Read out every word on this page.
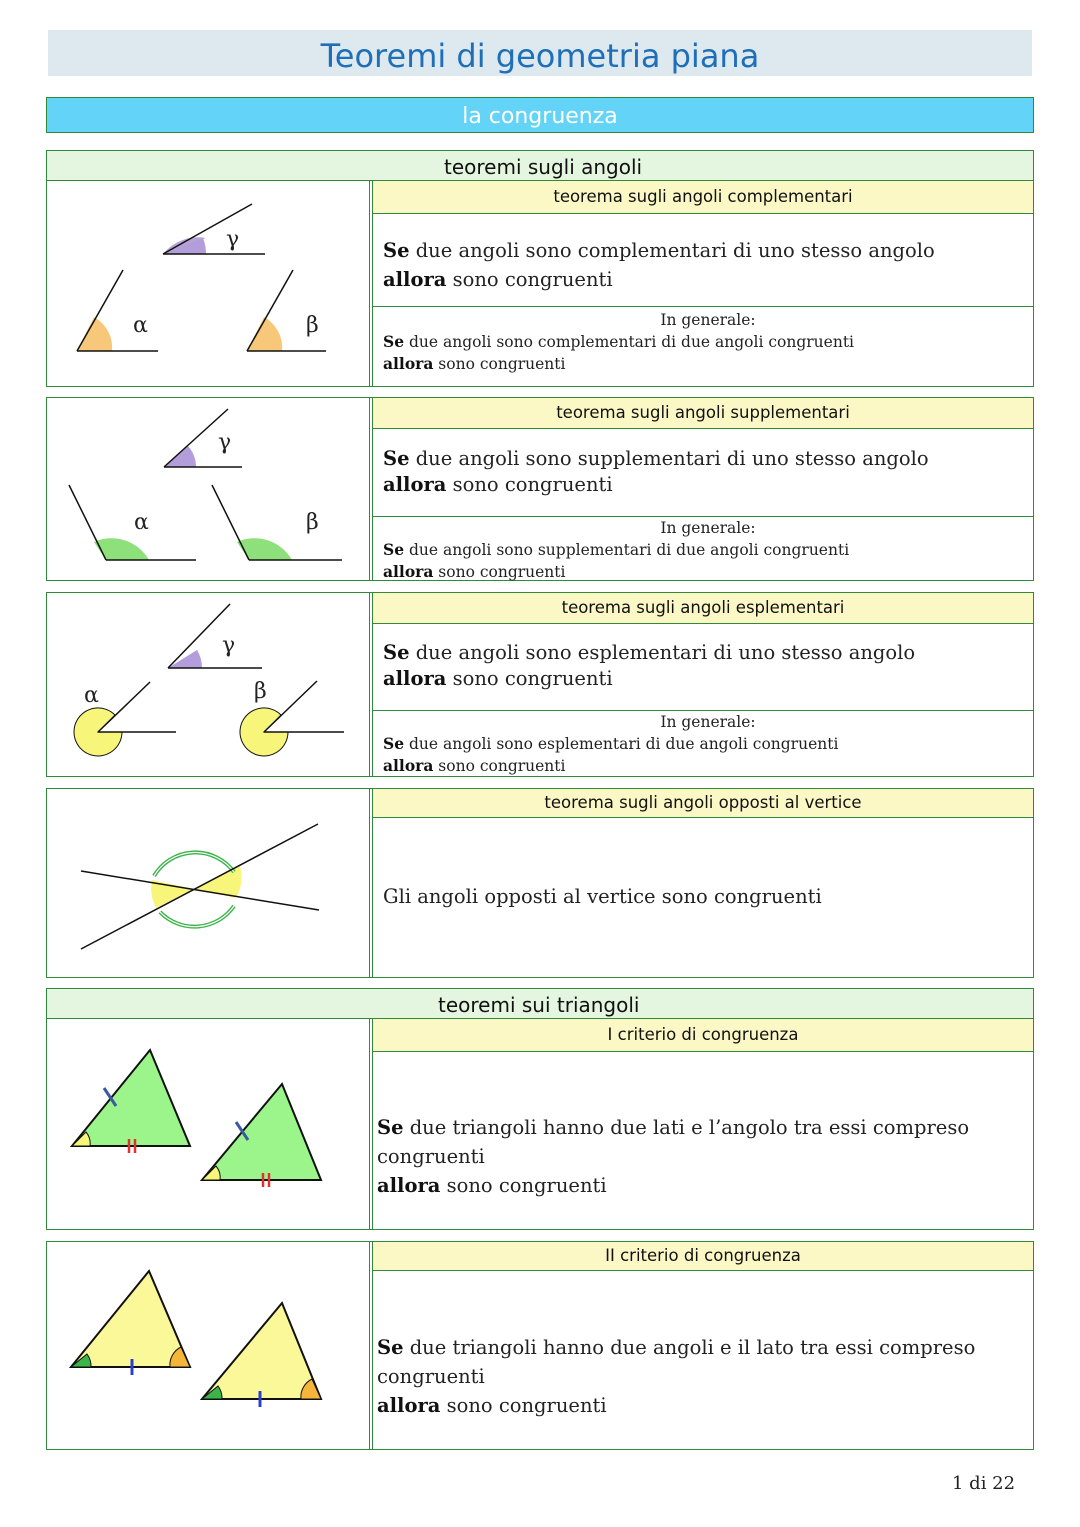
Teoremi di geometria piana
la congruenza
teoremi sugli angoli
teorema sugli angoli complementari
Se due angoli sono complementari di uno stesso angolo
allora sono congruenti
In generale:
Se due angoli sono complementari di due angoli congruenti
allora sono congruenti
γ
α	β
teorema sugli angoli supplementari
Se due angoli sono supplementari di uno stesso angolo
allora sono congruenti
In generale:
Se due angoli sono supplementari di due angoli congruenti
allora sono congruenti
γ
α	β
teorema sugli angoli esplementari
Se due angoli sono esplementari di uno stesso angolo
allora sono congruenti
In generale:
Se due angoli sono esplementari di due angoli congruenti
allora sono congruenti
γ
α	β
teorema sugli angoli opposti al vertice
Gli angoli opposti al vertice sono congruenti
teoremi sui triangoli
I criterio di congruenza
Se due triangoli hanno due lati e l’angolo tra essi compreso congruenti
allora sono congruenti
II criterio di congruenza
Se due triangoli hanno due angoli e il lato tra essi compreso congruenti
allora sono congruenti
1 di 22
